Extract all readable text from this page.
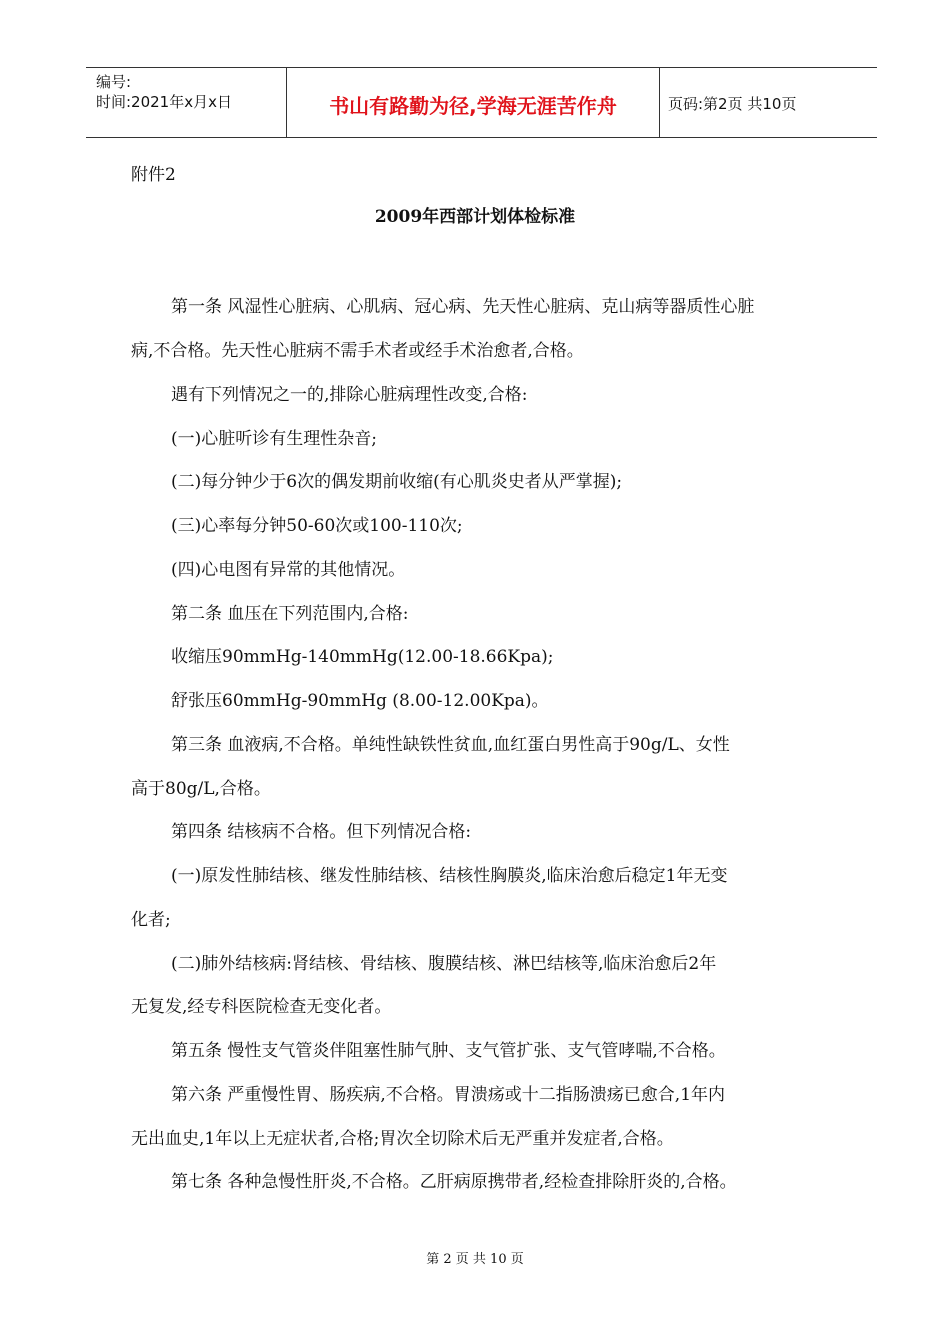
编号:
时间:2021年x月x日	书山有路勤为径,学海无涯苦作舟	页码:第2页 共10页
附件2
2009年西部计划体检标准
第一条 风湿性心脏病、心肌病、冠心病、先天性心脏病、克山病等器质性心脏
病,不合格。先天性心脏病不需手术者或经手术治愈者,合格。
遇有下列情况之一的,排除心脏病理性改变,合格:
(一)心脏听诊有生理性杂音;
(二)每分钟少于6次的偶发期前收缩(有心肌炎史者从严掌握);
(三)心率每分钟50-60次或100-110次;
(四)心电图有异常的其他情况。
第二条 血压在下列范围内,合格:
收缩压90mmHg-140mmHg(12.00-18.66Kpa);
舒张压60mmHg-90mmHg (8.00-12.00Kpa)。
第三条 血液病,不合格。单纯性缺铁性贫血,血红蛋白男性高于90g/L、女性
高于80g/L,合格。
第四条 结核病不合格。但下列情况合格:
(一)原发性肺结核、继发性肺结核、结核性胸膜炎,临床治愈后稳定1年无变
化者;
(二)肺外结核病:肾结核、骨结核、腹膜结核、淋巴结核等,临床治愈后2年
无复发,经专科医院检查无变化者。
第五条 慢性支气管炎伴阻塞性肺气肿、支气管扩张、支气管哮喘,不合格。
第六条 严重慢性胃、肠疾病,不合格。胃溃疡或十二指肠溃疡已愈合,1年内
无出血史,1年以上无症状者,合格;胃次全切除术后无严重并发症者,合格。
第七条 各种急慢性肝炎,不合格。乙肝病原携带者,经检查排除肝炎的,合格。
第 2 页 共 10 页
